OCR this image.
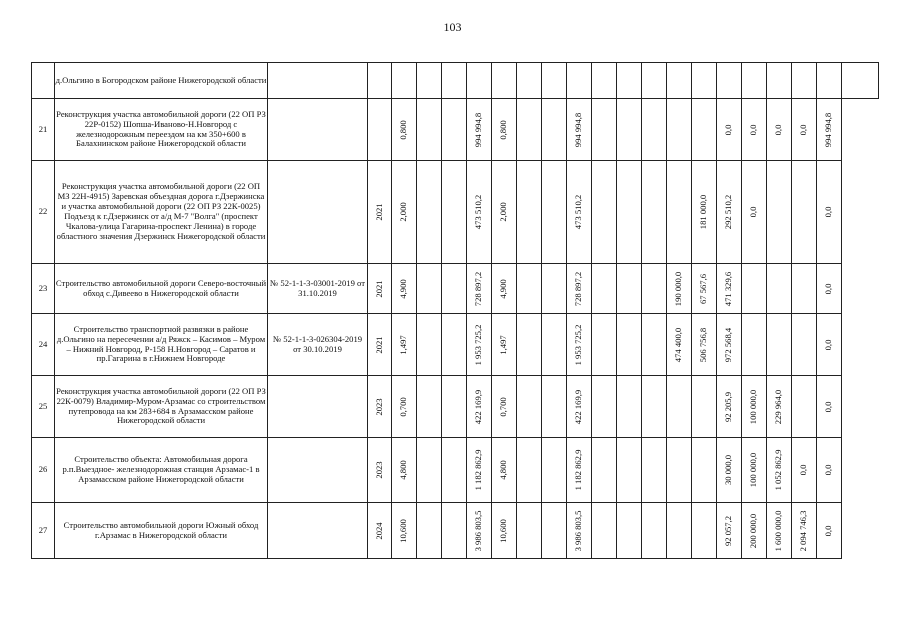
103
	д.Ольгино в Богородском районе Нижегородской области																					
21	Реконструкция участка автомобильной дороги (22 ОП РЗ 22Р-0152) Шопша-Иваново-Н.Новгород с железнодорожным переездом на км 350+600 в Балахнинском районе Нижегородской области			0,800			994 994,8	0,800			994 994,8						0,0	0,0	0,0	0,0	994 994,8	

22	Реконструкция участка автомобильной дороги (22 ОП МЗ 22Н-4915) Заревская объездная дорога г.Дзержинска и участка автомобильной дороги (22 ОП РЗ 22К-0025) Подъезд к г.Дзержинск от а/д М-7 "Волга" (проспект Чкалова-улица Гагарина-проспект Ленина) в городе областного значения Дзержинск Нижегородской области		2021	2,000			473 510,2	2,000			473 510,2					181 000,0	292 510,2	0,0			0,0	

23	Строительство автомобильной дороги Северо-восточный обход с.Дивеево в Нижегородской области	№ 52-1-1-3-03001-2019 от 31.10.2019	2021	4,900			728 897,2	4,900			728 897,2				190 000,0	67 567,6	471 329,6				0,0	

24	Строительство транспортной развязки в районе д.Ольгино на пересечении а/д Ряжск – Касимов – Муром – Нижний Новгород, Р-158 Н.Новгород – Саратов и пр.Гагарина в г.Нижнем Новгороде	№ 52-1-1-3-026304-2019 от 30.10.2019	2021	1,497			1 953 725,2	1,497			1 953 725,2				474 400,0	506 756,8	972 568,4				0,0	

25	Реконструкция участка автомобильной дороги (22 ОП РЗ 22К-0079) Владимир-Муром-Арзамас со строительством путепровода на км 283+684 в Арзамасском районе Нижегородской области		2023	0,700			422 169,9	0,700			422 169,9						92 205,9	100 000,0	229 964,0		0,0	

26	Строительство объекта: Автомобильная дорога р.п.Выездное- железнодорожная станция Арзамас-1 в Арзамасском районе Нижегородской области		2023	4,800			1 182 862,9	4,800			1 182 862,9						30 000,0	100 000,0	1 052 862,9	0,0	0,0	

27	Строительство автомобильной дороги Южный обход г.Арзамас в Нижегородской области		2024	10,600			3 986 803,5	10,600			3 986 803,5						92 057,2	200 000,0	1 600 000,0	2 094 746,3	0,0	
